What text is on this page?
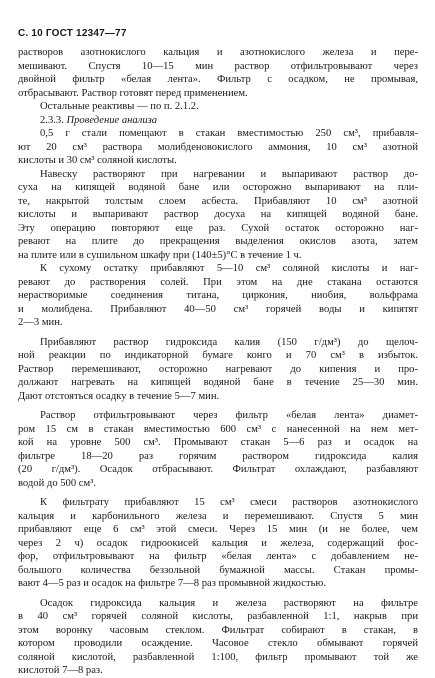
С. 10 ГОСТ 12347—77
растворов азотнокислого кальция и азотнокислого железа и пере-
мешивают. Спустя 10—15 мин раствор отфильтровывают через
двойной фильтр «белая лента». Фильтр с осадком, не промывая,
отбрасывают. Раствор готовят перед применением.
Остальные реактивы — по п. 2.1.2.
2.3.3. Проведение анализа
0,5 г стали помещают в стакан вместимостью 250 см³, прибавля-
ют 20 см³ раствора молибденовокислого аммония, 10 см³ азотной
кислоты и 30 см³ соляной кислоты.
Навеску растворяют при нагревании и выпаривают раствор до-
суха на кипящей водяной бане или осторожно выпаривают на пли-
те, накрытой толстым слоем асбеста. Прибавляют 10 см³ азотной
кислоты и выпаривают раствор досуха на кипящей водяной бане.
Эту операцию повторяют еще раз. Сухой остаток осторожно наг-
ревают на плите до прекращения выделения окислов азота, затем
на плите или в сушильном шкафу при (140±5)°С в течение 1 ч.
К сухому остатку прибавляют 5—10 см³ соляной кислоты и наг-
ревают до растворения солей. При этом на дне стакана остаются
нерастворимые соединения титана, циркония, ниобия, вольфрама
и молибдена. Прибавляют 40—50 см³ горячей воды и кипятят
2—3 мин.
Прибавляют раствор гидроксида калия (150 г/дм³) до щелоч-
ной реакции по индикаторной бумаге конго и 70 см³ в избыток.
Раствор перемешивают, осторожно нагревают до кипения и про-
должают нагревать на кипящей водяной бане в течение 25—30 мин.
Дают отстояться осадку в течение 5—7 мин.
Раствор отфильтровывают через фильтр «белая лента» диамет-
ром 15 см в стакан вместимостью 600 см³ с нанесенной на нем мет-
кой на уровне 500 см³. Промывают стакан 5—6 раз и осадок на
фильтре 18—20 раз горячим раствором гидроксида калия
(20 г/дм³). Осадок отбрасывают. Фильтрат охлаждают, разбавляют
водой до 500 см³.
К фильтрату прибавляют 15 см³ смеси растворов азотнокислого
кальция и карбонильного железа и перемешивают. Спустя 5 мин
прибавляют еще 6 см³ этой смеси. Через 15 мин (и не более, чем
через 2 ч) осадок гидроокисей кальция и железа, содержащий фос-
фор, отфильтровывают на фильтр «белая лента» с добавлением не-
большого количества беззольной бумажной массы. Стакан промы-
вают 4—5 раз и осадок на фильтре 7—8 раз промывной жидкостью.
Осадок гидроксида кальция и железа растворяют на фильтре
в 40 см³ горячей соляной кислоты, разбавленной 1:1, накрыв при
этом воронку часовым стеклом. Фильтрат собирают в стакан, в
котором проводили осаждение. Часовое стекло обмывают горячей
соляной кислотой, разбавленной 1:100, фильтр промывают той же
кислотой 7—8 раз.
